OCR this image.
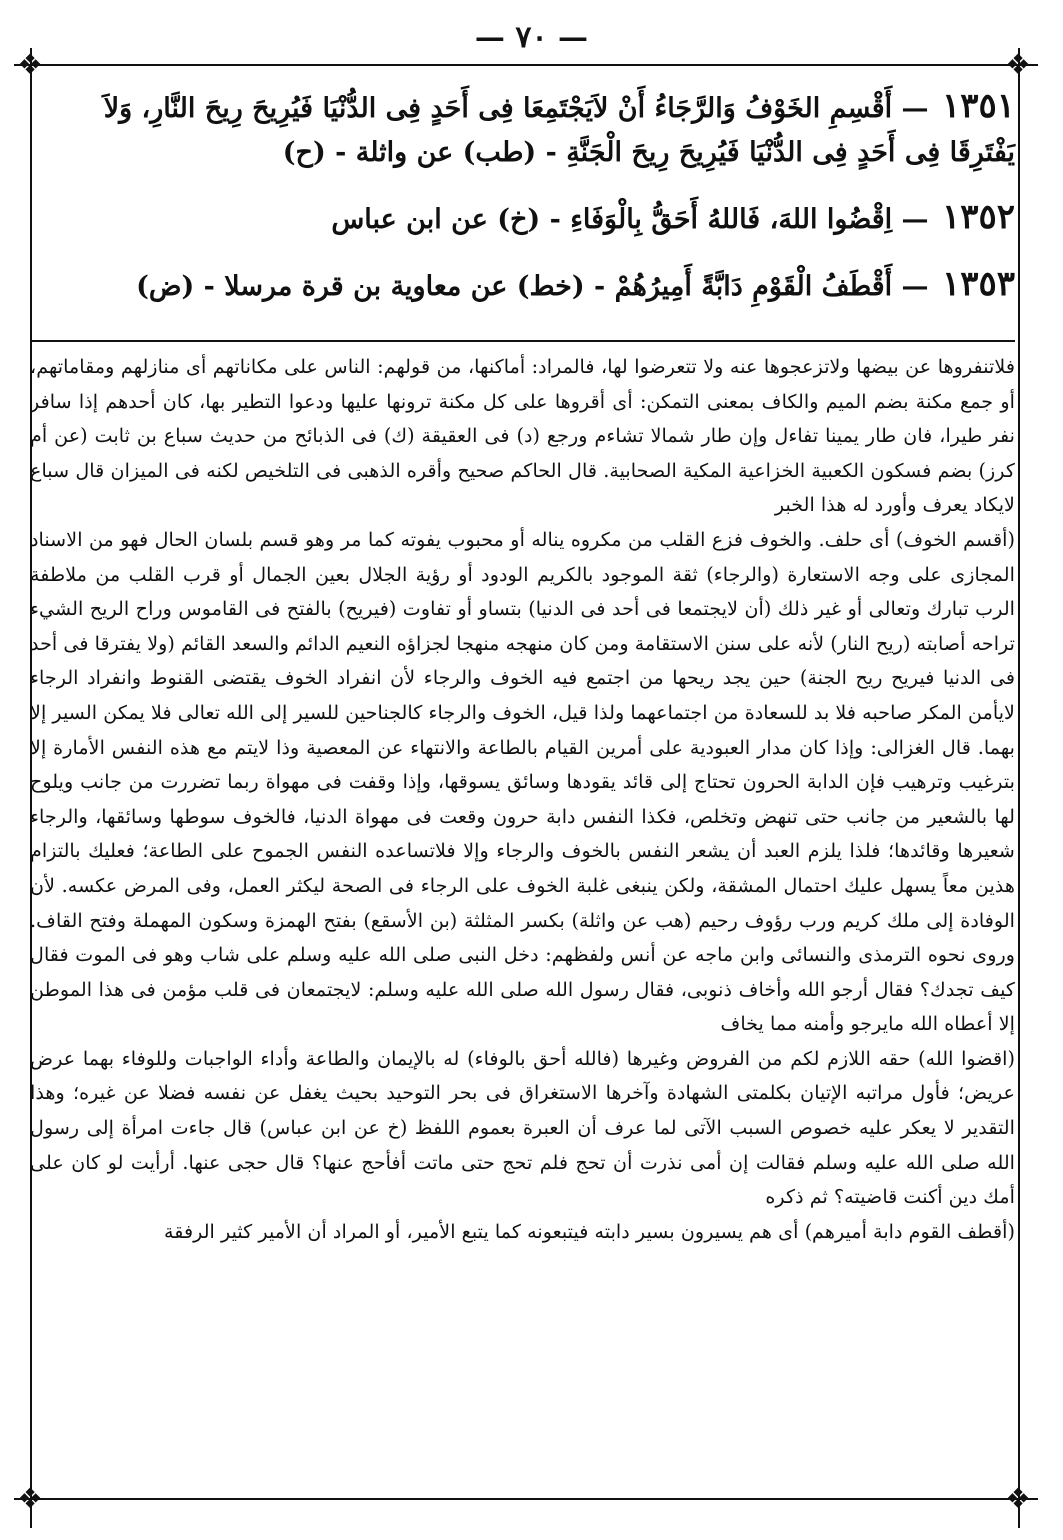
— ٧٠ —
❖	❖
❖	❖

١٣٥١ — أَقْسِمِ الخَوْفُ وَالرَّجَاءُ أَنْ لاَيَجْتَمِعَا فِى أَحَدٍ فِى الدُّنْيَا فَيُرِيحَ رِيحَ النَّارِ، وَلاَ يَفْتَرِقَا فِى أَحَدٍ فِى الدُّنْيَا فَيُرِيحَ رِيحَ الْجَنَّةِ - (طب) عن واثلة - (ح)

١٣٥٢ — اِقْضُوا اللهَ، فَاللهُ أَحَقُّ بِالْوَفَاءِ - (خ) عن ابن عباس

١٣٥٣ — أَقْطَفُ الْقَوْمِ دَابَّةً أَمِيرُهُمْ - (خط) عن معاوية بن قرة مرسلا - (ض)

فلاتنفروها عن بيضها ولاتزعجوها عنه ولا تتعرضوا لها، فالمراد: أماكنها، من قولهم: الناس على مكاناتهم أى منازلهم ومقاماتهم، أو جمع مكنة بضم الميم والكاف بمعنى التمكن: أى أقروها على كل مكنة ترونها عليها ودعوا التطير بها، كان أحدهم إذا سافر نفر طيرا، فان طار يمينا تفاءل وإن طار شمالا تشاءم ورجع (د) فى العقيقة (ك) فى الذبائح من حديث سباع بن ثابت (عن أم كرز) بضم فسكون الكعبية الخزاعية المكية الصحابية. قال الحاكم صحيح وأقره الذهبى فى التلخيص لكنه فى الميزان قال سباع لايكاد يعرف وأورد له هذا الخبر

(أقسم الخوف) أى حلف. والخوف فزع القلب من مكروه يناله أو محبوب يفوته كما مر وهو قسم بلسان الحال فهو من الاسناد المجازى على وجه الاستعارة (والرجاء) ثقة الموجود بالكريم الودود أو رؤية الجلال بعين الجمال أو قرب القلب من ملاطفة الرب تبارك وتعالى أو غير ذلك (أن لايجتمعا فى أحد فى الدنيا) بتساو أو تفاوت (فيريح) بالفتح فى القاموس وراح الريح الشيء تراحه أصابته (ريح النار) لأنه على سنن الاستقامة ومن كان منهجه منهجا لجزاؤه النعيم الدائم والسعد القائم (ولا يفترقا فى أحد فى الدنيا فيريح ريح الجنة) حين يجد ريحها من اجتمع فيه الخوف والرجاء لأن انفراد الخوف يقتضى القنوط وانفراد الرجاء لايأمن المكر صاحبه فلا بد للسعادة من اجتماعهما ولذا قيل، الخوف والرجاء كالجناحين للسير إلى الله تعالى فلا يمكن السير إلا بهما. قال الغزالى: وإذا كان مدار العبودية على أمرين القيام بالطاعة والانتهاء عن المعصية وذا لايتم مع هذه النفس الأمارة إلا بترغيب وترهيب فإن الدابة الحرون تحتاج إلى قائد يقودها وسائق يسوقها، وإذا وقفت فى مهواة ربما تضررت من جانب ويلوح لها بالشعير من جانب حتى تنهض وتخلص، فكذا النفس دابة حرون وقعت فى مهواة الدنيا، فالخوف سوطها وسائقها، والرجاء شعيرها وقائدها؛ فلذا يلزم العبد أن يشعر النفس بالخوف والرجاء وإلا فلاتساعده النفس الجموح على الطاعة؛ فعليك بالتزام هذين معاً يسهل عليك احتمال المشقة، ولكن ينبغى غلبة الخوف على الرجاء فى الصحة ليكثر العمل، وفى المرض عكسه. لأن الوفادة إلى ملك كريم ورب رؤوف رحيم (هب عن واثلة) بكسر المثلثة (بن الأسقع) بفتح الهمزة وسكون المهملة وفتح القاف. وروى نحوه الترمذى والنسائى وابن ماجه عن أنس ولفظهم: دخل النبى صلى الله عليه وسلم على شاب وهو فى الموت فقال كيف تجدك؟ فقال أرجو الله وأخاف ذنوبى، فقال رسول الله صلى الله عليه وسلم: لايجتمعان فى قلب مؤمن فى هذا الموطن إلا أعطاه الله مايرجو وأمنه مما يخاف

(اقضوا الله) حقه اللازم لكم من الفروض وغيرها (فالله أحق بالوفاء) له بالإيمان والطاعة وأداء الواجبات وللوفاء بهما عرض عريض؛ فأول مراتبه الإتيان بكلمتى الشهادة وآخرها الاستغراق فى بحر التوحيد بحيث يغفل عن نفسه فضلا عن غيره؛ وهذا التقدير لا يعكر عليه خصوص السبب الآتى لما عرف أن العبرة بعموم اللفظ (خ عن ابن عباس) قال جاءت امرأة إلى رسول الله صلى الله عليه وسلم فقالت إن أمى نذرت أن تحج فلم تحج حتى ماتت أفأحج عنها؟ قال حجى عنها. أرأيت لو كان على أمك دين أكنت قاضيته؟ ثم ذكره

(أقطف القوم دابة أميرهم) أى هم يسيرون بسير دابته فيتبعونه كما يتبع الأمير، أو المراد أن الأمير كثير الرفقة
